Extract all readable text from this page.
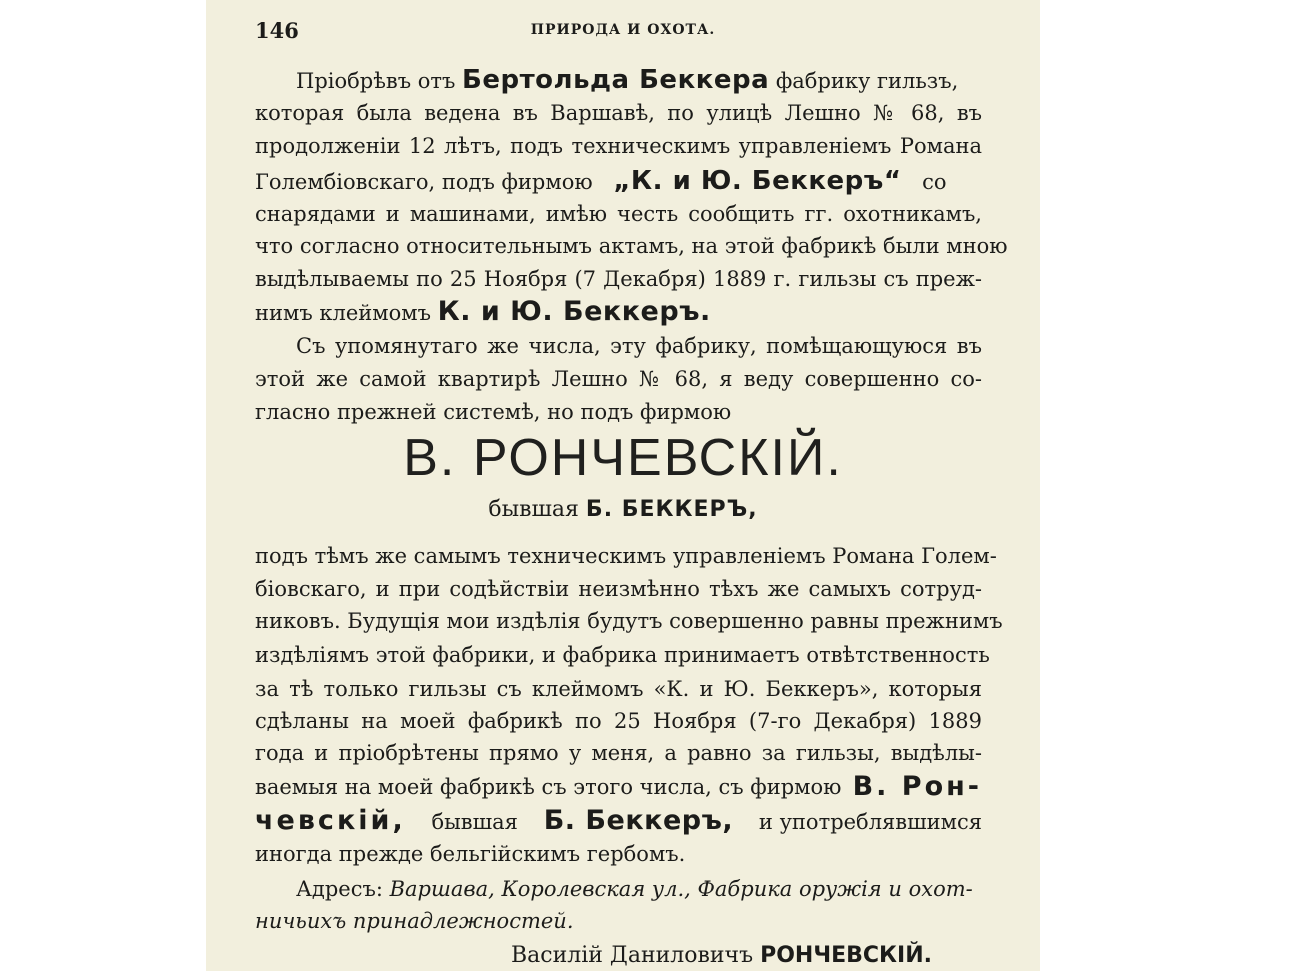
146	ПРИРОДА И ОХОТА.

Пріобрѣвъ отъ Бертольда Беккера фабрику гильзъ,

которая была ведена въ Варшавѣ, по улицѣ Лешно № 68, въ

продолженіи 12 лѣтъ, подъ техническимъ управленіемъ Романа

Голембіовскаго, подъ фирмою „К. и Ю. Беккеръ“ со

снарядами и машинами, имѣю честь сообщить гг. охотникамъ,

что согласно относительнымъ актамъ, на этой фабрикѣ были мною

выдѣлываемы по 25 Ноября (7 Декабря) 1889 г. гильзы съ преж-

нимъ клеймомъ К. и Ю. Беккеръ.

Съ упомянутаго же числа, эту фабрику, помѣщающуюся въ

этой же самой квартирѣ Лешно № 68, я веду совершенно со-

гласно прежней системѣ, но подъ фирмою

В. РОНЧЕВСКІЙ.
бывшая Б. БЕККЕРЪ,

подъ тѣмъ же самымъ техническимъ управленіемъ Романа Голем-

біовскаго, и при содѣйствіи неизмѣнно тѣхъ же самыхъ сотруд-

никовъ. Будущія мои издѣлія будутъ совершенно равны прежнимъ

издѣліямъ этой фабрики, и фабрика принимаетъ отвѣтственность

за тѣ только гильзы съ клеймомъ «К. и Ю. Беккеръ», которыя

сдѣланы на моей фабрикѣ по 25 Ноября (7-го Декабря) 1889

года и пріобрѣтены прямо у меня, а равно за гильзы, выдѣлы-

ваемыя на моей фабрикѣ съ этого числа, съ фирмою В. Рон-

чевскій, бывшая Б. Беккеръ, и употреблявшимся

иногда прежде бельгійскимъ гербомъ.

Адресъ: Варшава, Королевская ул., Фабрика оружія и охот-

ничьихъ принадлежностей.

Василій Даниловичъ РОНЧЕВСКІЙ.
